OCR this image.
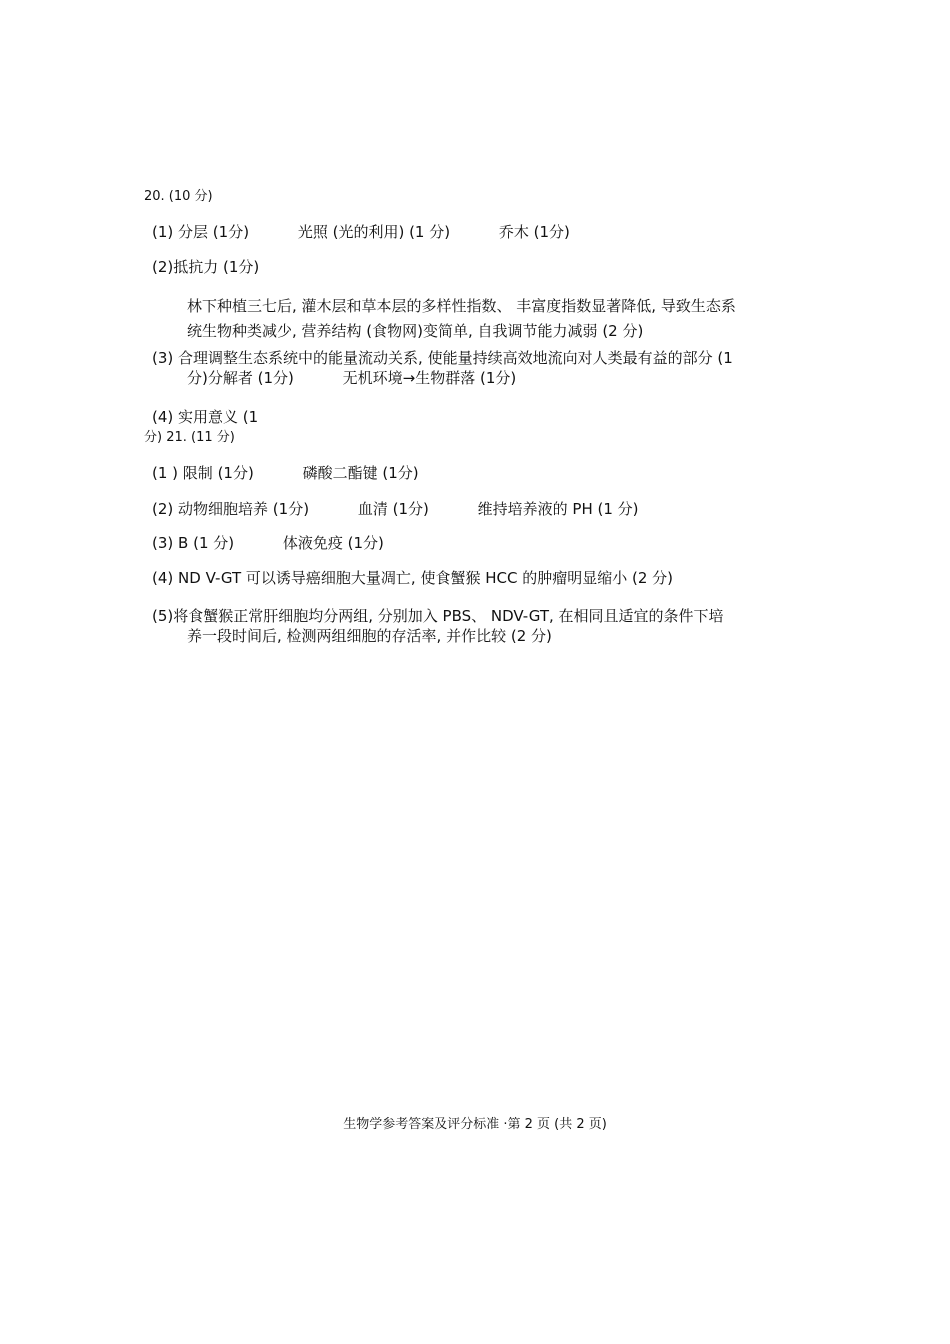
20. (10 分)
(1) 分层 (1分)	光照 (光的利用) (1 分)	乔木 (1分)
(2)抵抗力 (1分)
林下种植三七后, 灌木层和草本层的多样性指数、 丰富度指数显著降低, 导致生态系
统生物种类减少, 营养结构 (食物网)变简单, 自我调节能力减弱 (2 分)
(3) 合理调整生态系统中的能量流动关系, 使能量持续高效地流向对人类最有益的部分 (1
分)分解者 (1分)	无机环境→生物群落 (1分)
(4) 实用意义 (1
分) 21. (11 分)
(1 ) 限制 (1分)	磷酸二酯键 (1分)
(2) 动物细胞培养 (1分)	血清 (1分)	维持培养液的 PH (1 分)
(3) B (1 分)	体液免疫 (1分)
(4) ND V-GT 可以诱导癌细胞大量凋亡, 使食蟹猴 HCC 的肿瘤明显缩小 (2 分)
(5)将食蟹猴正常肝细胞均分两组, 分别加入 PBS、 NDV-GT, 在相同且适宜的条件下培
养一段时间后, 检测两组细胞的存活率, 并作比较 (2 分)
生物学参考答案及评分标准 ·第 2 页 (共 2 页)
